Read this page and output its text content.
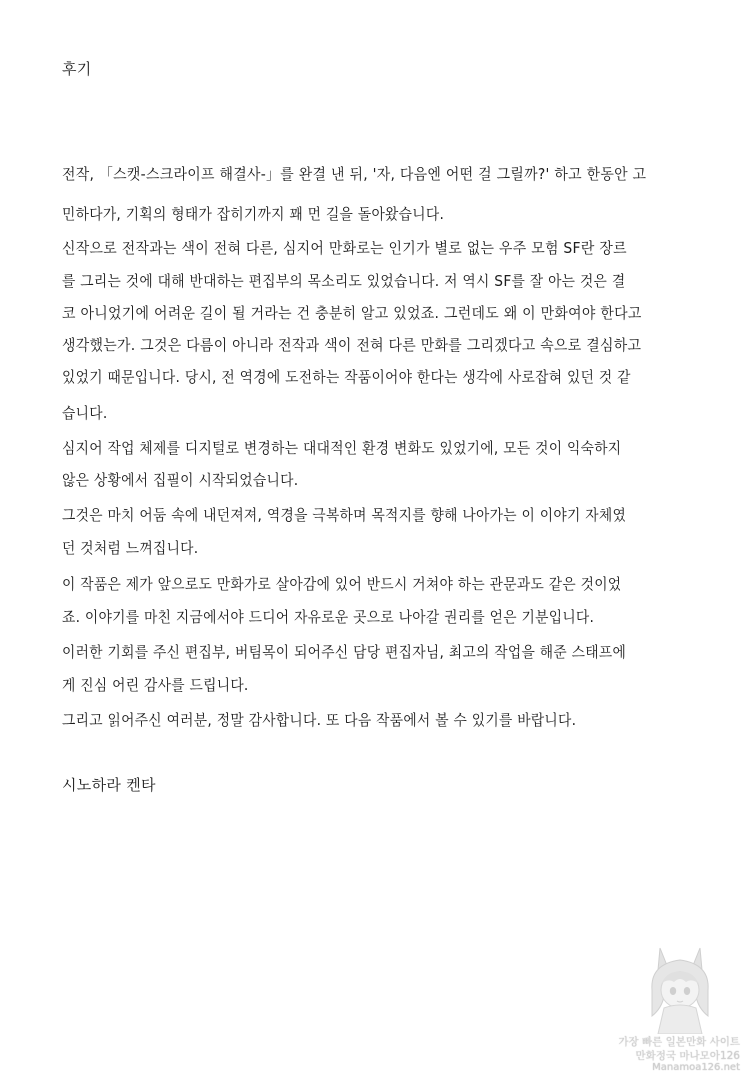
후기
전작, 「스캣-스크라이프 해결사-」를 완결 낸 뒤, '자, 다음엔 어떤 걸 그릴까?' 하고 한동안 고
민하다가, 기획의 형태가 잡히기까지 꽤 먼 길을 돌아왔습니다.
신작으로 전작과는 색이 전혀 다른, 심지어 만화로는 인기가 별로 없는 우주 모험 SF란 장르
를 그리는 것에 대해 반대하는 편집부의 목소리도 있었습니다. 저 역시 SF를 잘 아는 것은 결
코 아니었기에 어려운 길이 될 거라는 건 충분히 알고 있었죠. 그런데도 왜 이 만화여야 한다고
생각했는가. 그것은 다름이 아니라 전작과 색이 전혀 다른 만화를 그리겠다고 속으로 결심하고
있었기 때문입니다. 당시, 전 역경에 도전하는 작품이어야 한다는 생각에 사로잡혀 있던 것 같
습니다.
심지어 작업 체제를 디지털로 변경하는 대대적인 환경 변화도 있었기에, 모든 것이 익숙하지
않은 상황에서 집필이 시작되었습니다.
그것은 마치 어둠 속에 내던져져, 역경을 극복하며 목적지를 향해 나아가는 이 이야기 자체였
던 것처럼 느껴집니다.
이 작품은 제가 앞으로도 만화가로 살아감에 있어 반드시 거쳐야 하는 관문과도 같은 것이었
죠. 이야기를 마친 지금에서야 드디어 자유로운 곳으로 나아갈 권리를 얻은 기분입니다.
이러한 기회를 주신 편집부, 버팀목이 되어주신 담당 편집자님, 최고의 작업을 해준 스태프에
게 진심 어린 감사를 드립니다.
그리고 읽어주신 여러분, 정말 감사합니다. 또 다음 작품에서 볼 수 있기를 바랍니다.
시노하라 켄타
가장 빠른 일본만화 사이트
만화정국 마나모아126
Manamoa126.net
